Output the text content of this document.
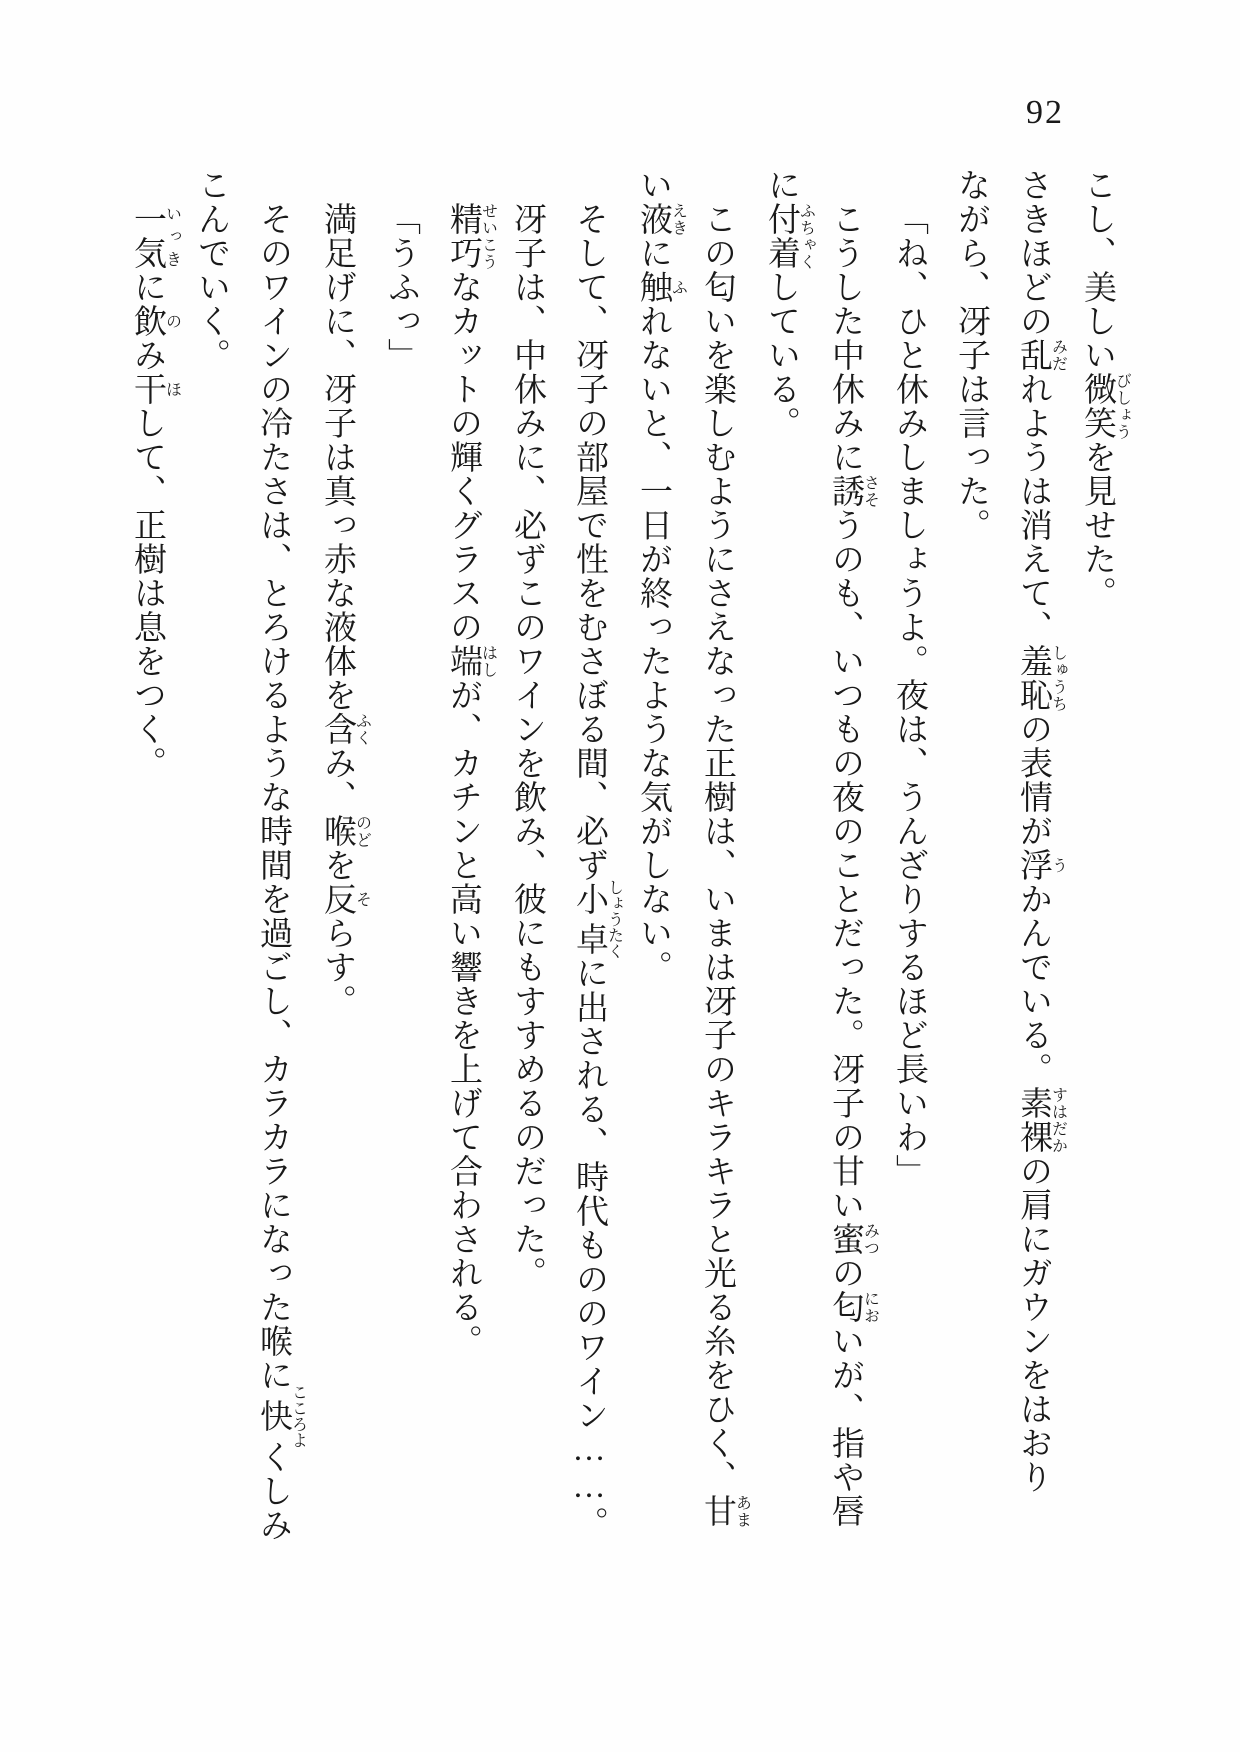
92

こし、美しい微笑びしょうを見せた。

さきほどの乱みだれようは消えて、羞恥しゅうちの表情が浮うかんでいる。素裸すはだかの肩にガウンをはおり

ながら、冴子は言った。

「ね、ひと休みしましょうよ。夜は、うんざりするほど長いわ」

こうした中休みに誘さそうのも、いつもの夜のことだった。冴子の甘い蜜みつの匂においが、指や唇

に付着ふちゃくしている。

この匂いを楽しむようにさえなった正樹は、いまは冴子のキラキラと光る糸をひく、甘あま

い液えきに触ふれないと、一日が終ったような気がしない。

そして、冴子の部屋で性をむさぼる間、必ず小卓しょうたくに出される、時代もののワイン……。

冴子は、中休みに、必ずこのワインを飲み、彼にもすすめるのだった。

精巧せいこうなカットの輝くグラスの端はしが、カチンと高い響きを上げて合わされる。

「うふっ」

満足げに、冴子は真っ赤な液体を含ふくみ、喉のどを反そらす。

そのワインの冷たさは、とろけるような時間を過ごし、カラカラになった喉に快こころよくしみ

こんでいく。

一気いっきに飲のみ干ほして、正樹は息をつく。
